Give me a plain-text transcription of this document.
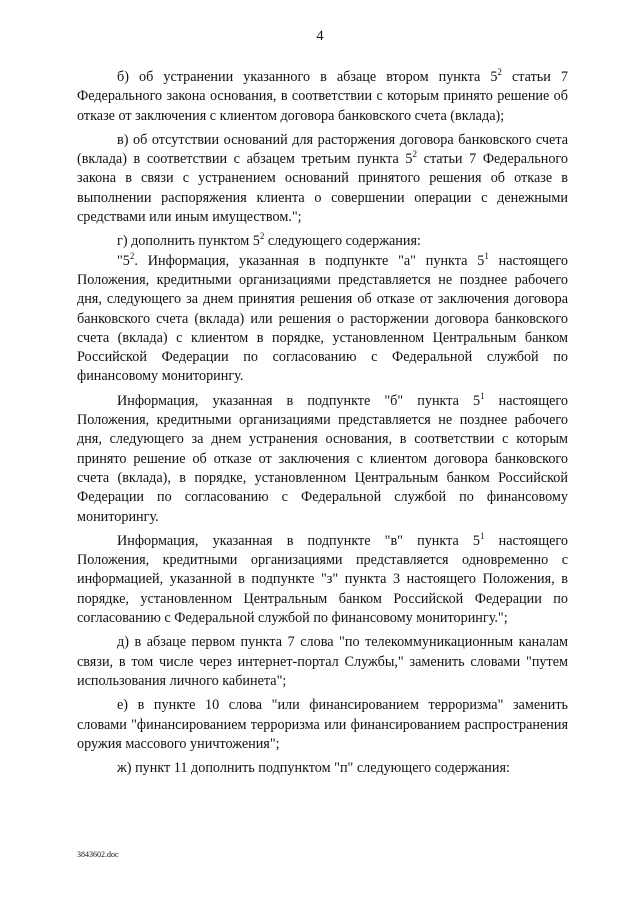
4

б) об устранении указанного в абзаце втором пункта $5^2$ статьи 7 Федерального закона основания, в соответствии с которым принято решение об отказе от заключения с клиентом договора банковского счета (вклада);

в) об отсутствии оснований для расторжения договора банковского счета (вклада) в соответствии с абзацем третьим пункта $5^2$ статьи 7 Федерального закона в связи с устранением оснований принятого решения об отказе в выполнении распоряжения клиента о совершении операции с денежными средствами или иным имуществом.";

г) дополнить пунктом $5^2$ следующего содержания:

"$5^2$. Информация, указанная в подпункте "а" пункта $5^1$ настоящего Положения, кредитными организациями представляется не позднее рабочего дня, следующего за днем принятия решения об отказе от заключения договора банковского счета (вклада) или решения о расторжении договора банковского счета (вклада) с клиентом в порядке, установленном Центральным банком Российской Федерации по согласованию с Федеральной службой по финансовому мониторингу.

Информация, указанная в подпункте "б" пункта $5^1$ настоящего Положения, кредитными организациями представляется не позднее рабочего дня, следующего за днем устранения основания, в соответствии с которым принято решение об отказе от заключения с клиентом договора банковского счета (вклада), в порядке, установленном Центральным банком Российской Федерации по согласованию с Федеральной службой по финансовому мониторингу.

Информация, указанная в подпункте "в" пункта $5^1$ настоящего Положения, кредитными организациями представляется одновременно с информацией, указанной в подпункте "з" пункта 3 настоящего Положения, в порядке, установленном Центральным банком Российской Федерации по согласованию с Федеральной службой по финансовому мониторингу.";

д) в абзаце первом пункта 7 слова "по телекоммуникационным каналам связи, в том числе через интернет-портал Службы," заменить словами "путем использования личного кабинета";

е) в пункте 10 слова "или финансированием терроризма" заменить словами "финансированием терроризма или финансированием распространения оружия массового уничтожения";

ж) пункт 11 дополнить подпунктом "п" следующего содержания:

3843602.doc
